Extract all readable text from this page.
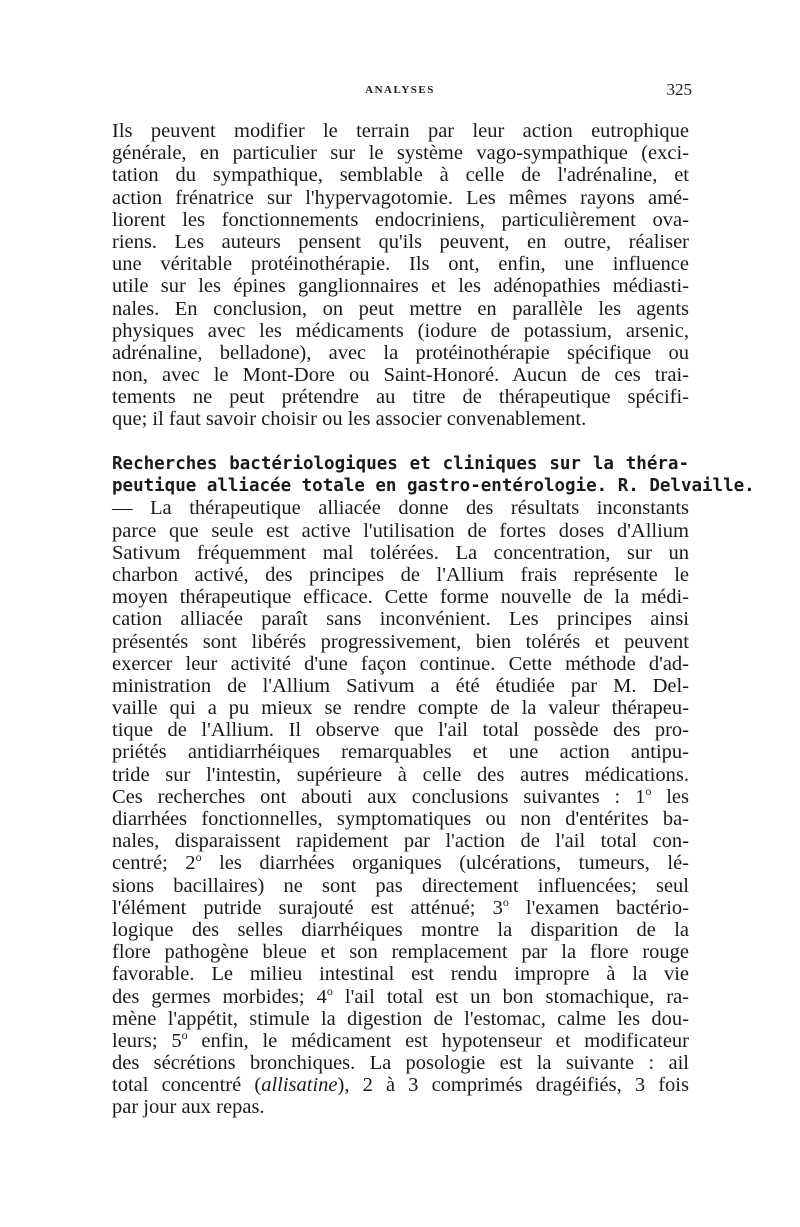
ANALYSES	325
Ils peuvent modifier le terrain par leur action eutrophique
générale, en particulier sur le système vago-sympathique (exci-
tation du sympathique, semblable à celle de l'adrénaline, et
action frénatrice sur l'hypervagotomie. Les mêmes rayons amé-
liorent les fonctionnements endocriniens, particulièrement ova-
riens. Les auteurs pensent qu'ils peuvent, en outre, réaliser
une véritable protéinothérapie. Ils ont, enfin, une influence
utile sur les épines ganglionnaires et les adénopathies médiasti-
nales. En conclusion, on peut mettre en parallèle les agents
physiques avec les médicaments (iodure de potassium, arsenic,
adrénaline, belladone), avec la protéinothérapie spécifique ou
non, avec le Mont-Dore ou Saint-Honoré. Aucun de ces trai-
tements ne peut prétendre au titre de thérapeutique spécifi-
que; il faut savoir choisir ou les associer convenablement.
Recherches bactériologiques et cliniques sur la théra-
peutique alliacée totale en gastro-entérologie. R. Delvaille.
— La thérapeutique alliacée donne des résultats inconstants
parce que seule est active l'utilisation de fortes doses d'Allium
Sativum fréquemment mal tolérées. La concentration, sur un
charbon activé, des principes de l'Allium frais représente le
moyen thérapeutique efficace. Cette forme nouvelle de la médi-
cation alliacée paraît sans inconvénient. Les principes ainsi
présentés sont libérés progressivement, bien tolérés et peuvent
exercer leur activité d'une façon continue. Cette méthode d'ad-
ministration de l'Allium Sativum a été étudiée par M. Del-
vaille qui a pu mieux se rendre compte de la valeur thérapeu-
tique de l'Allium. Il observe que l'ail total possède des pro-
priétés antidiarrhéiques remarquables et une action antipu-
tride sur l'intestin, supérieure à celle des autres médications.
Ces recherches ont abouti aux conclusions suivantes : 1$^o$ les
diarrhées fonctionnelles, symptomatiques ou non d'entérites ba-
nales, disparaissent rapidement par l'action de l'ail total con-
centré; 2$^o$ les diarrhées organiques (ulcérations, tumeurs, lé-
sions bacillaires) ne sont pas directement influencées; seul
l'élément putride surajouté est atténué; 3$^o$ l'examen bactério-
logique des selles diarrhéiques montre la disparition de la
flore pathogène bleue et son remplacement par la flore rouge
favorable. Le milieu intestinal est rendu impropre à la vie
des germes morbides; 4$^o$ l'ail total est un bon stomachique, ra-
mène l'appétit, stimule la digestion de l'estomac, calme les dou-
leurs; 5$^o$ enfin, le médicament est hypotenseur et modificateur
des sécrétions bronchiques. La posologie est la suivante : ail
total concentré (allisatine), 2 à 3 comprimés dragéifiés, 3 fois
par jour aux repas.
